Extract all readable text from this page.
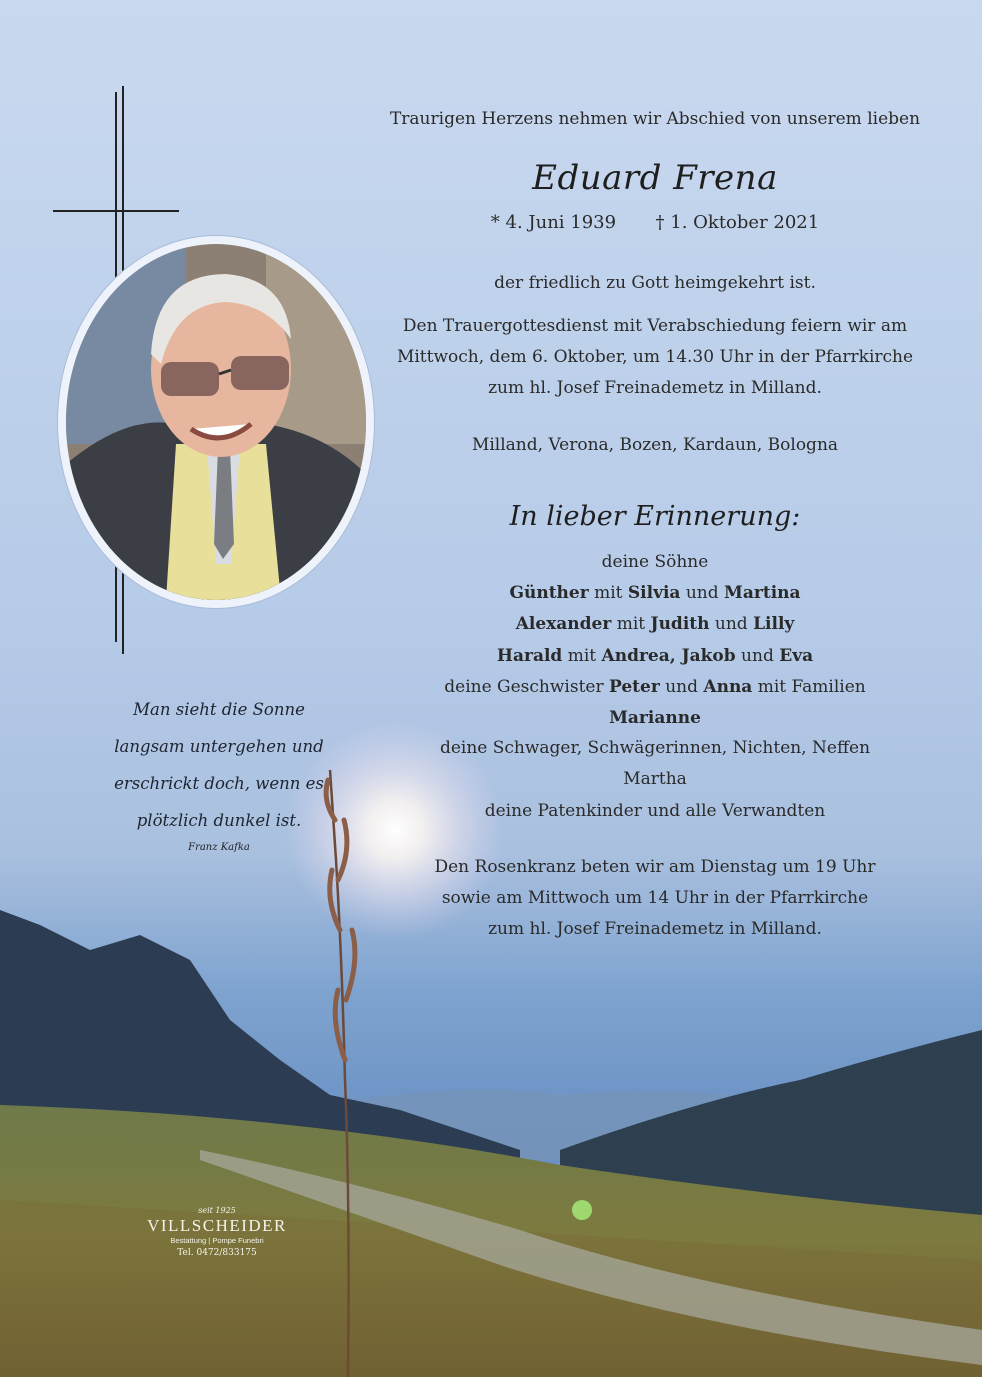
Traurigen Herzens nehmen wir Abschied von unserem lieben
Eduard Frena
* 4. Juni 1939 † 1. Oktober 2021
der friedlich zu Gott heimgekehrt ist.
Den Trauergottesdienst mit Verabschiedung feiern wir am
Mittwoch, dem 6. Oktober, um 14.30 Uhr in der Pfarrkirche
zum hl. Josef Freinademetz in Milland.
Milland, Verona, Bozen, Kardaun, Bologna
In lieber Erinnerung:
deine Söhne
Günther mit Silvia und Martina
Alexander mit Judith und Lilly
Harald mit Andrea, Jakob und Eva
deine Geschwister Peter und Anna mit Familien
Marianne
deine Schwager, Schwägerinnen, Nichten, Neffen
Martha
deine Patenkinder und alle Verwandten
Den Rosenkranz beten wir am Dienstag um 19 Uhr
sowie am Mittwoch um 14 Uhr in der Pfarrkirche
zum hl. Josef Freinademetz in Milland.
Man sieht die Sonne
langsam untergehen und
erschrickt doch, wenn es
plötzlich dunkel ist.
Franz Kafka
seit 1925
VILLSCHEIDER
Bestattung | Pompe Funebri
Tel. 0472/833175
